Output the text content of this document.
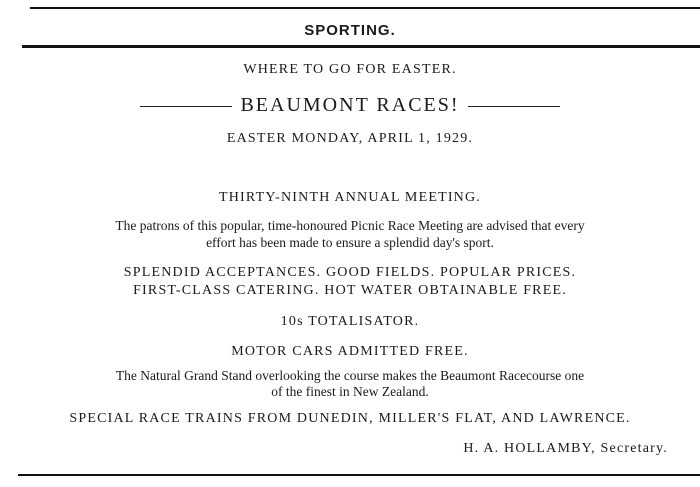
SPORTING.
WHERE TO GO FOR EASTER.
BEAUMONT RACES!
EASTER MONDAY, APRIL 1, 1929.
THIRTY-NINTH ANNUAL MEETING.
The patrons of this popular, time-honoured Picnic Race Meeting are advised that every
effort has been made to ensure a splendid day's sport.
SPLENDID ACCEPTANCES. GOOD FIELDS. POPULAR PRICES.
FIRST-CLASS CATERING. HOT WATER OBTAINABLE FREE.
10s TOTALISATOR.
MOTOR CARS ADMITTED FREE.
The Natural Grand Stand overlooking the course makes the Beaumont Racecourse one
of the finest in New Zealand.
SPECIAL RACE TRAINS FROM DUNEDIN, MILLER'S FLAT, AND LAWRENCE.
H. A. HOLLAMBY, Secretary.
